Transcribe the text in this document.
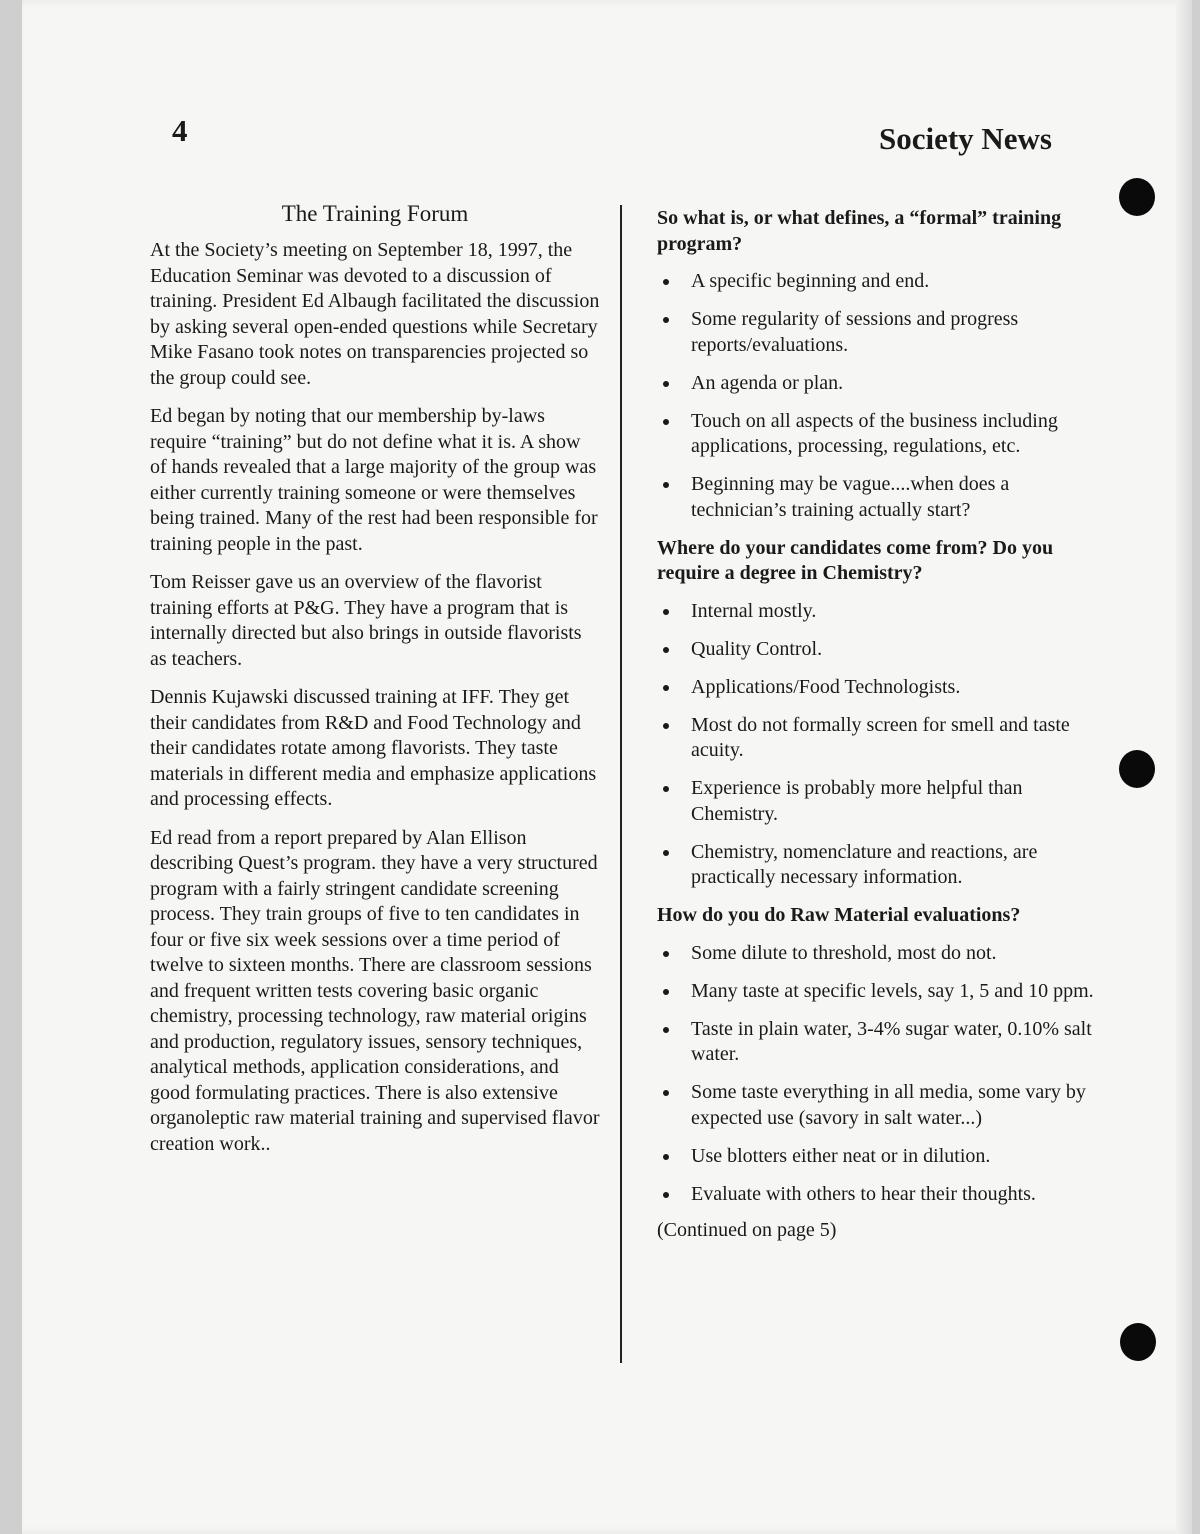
4	Society News
The Training Forum

At the Society’s meeting on September 18, 1997, the Education Seminar was devoted to a discussion of training. President Ed Albaugh facilitated the discussion by asking several open-ended questions while Secretary Mike Fasano took notes on transparencies projected so the group could see.

Ed began by noting that our membership by-laws require “training” but do not define what it is. A show of hands revealed that a large majority of the group was either currently training someone or were themselves being trained. Many of the rest had been responsible for training people in the past.

Tom Reisser gave us an overview of the flavorist training efforts at P&G. They have a program that is internally directed but also brings in outside flavorists as teachers.

Dennis Kujawski discussed training at IFF. They get their candidates from R&D and Food Technology and their candidates rotate among flavorists. They taste materials in different media and emphasize applications and processing effects.

Ed read from a report prepared by Alan Ellison describing Quest’s program. they have a very structured program with a fairly stringent candidate screening process. They train groups of five to ten candidates in four or five six week sessions over a time period of twelve to sixteen months. There are classroom sessions and frequent written tests covering basic organic chemistry, processing technology, raw material origins and production, regulatory issues, sensory techniques, analytical methods, application considerations, and good formulating practices. There is also extensive organoleptic raw material training and supervised flavor creation work..

So what is, or what defines, a “formal” training program?
A specific beginning and end.
Some regularity of sessions and progress reports/evaluations.
An agenda or plan.
Touch on all aspects of the business including applications, processing, regulations, etc.
Beginning may be vague....when does a technician’s training actually start?
Where do your candidates come from? Do you require a degree in Chemistry?
Internal mostly.
Quality Control.
Applications/Food Technologists.
Most do not formally screen for smell and taste acuity.
Experience is probably more helpful than Chemistry.
Chemistry, nomenclature and reactions, are practically necessary information.
How do you do Raw Material evaluations?
Some dilute to threshold, most do not.
Many taste at specific levels, say 1, 5 and 10 ppm.
Taste in plain water, 3-4% sugar water, 0.10% salt water.
Some taste everything in all media, some vary by expected use (savory in salt water...)
Use blotters either neat or in dilution.
Evaluate with others to hear their thoughts.
(Continued on page 5)
